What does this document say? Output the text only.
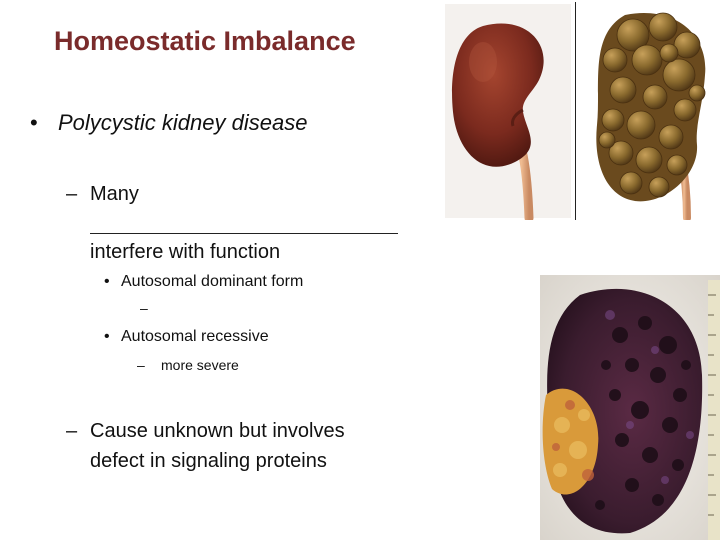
Homeostatic Imbalance
• Polycystic kidney disease
– Many
interfere with function
• Autosomal dominant form
–
• Autosomal recessive
– more severe
– Cause unknown but involves
defect in signaling proteins
